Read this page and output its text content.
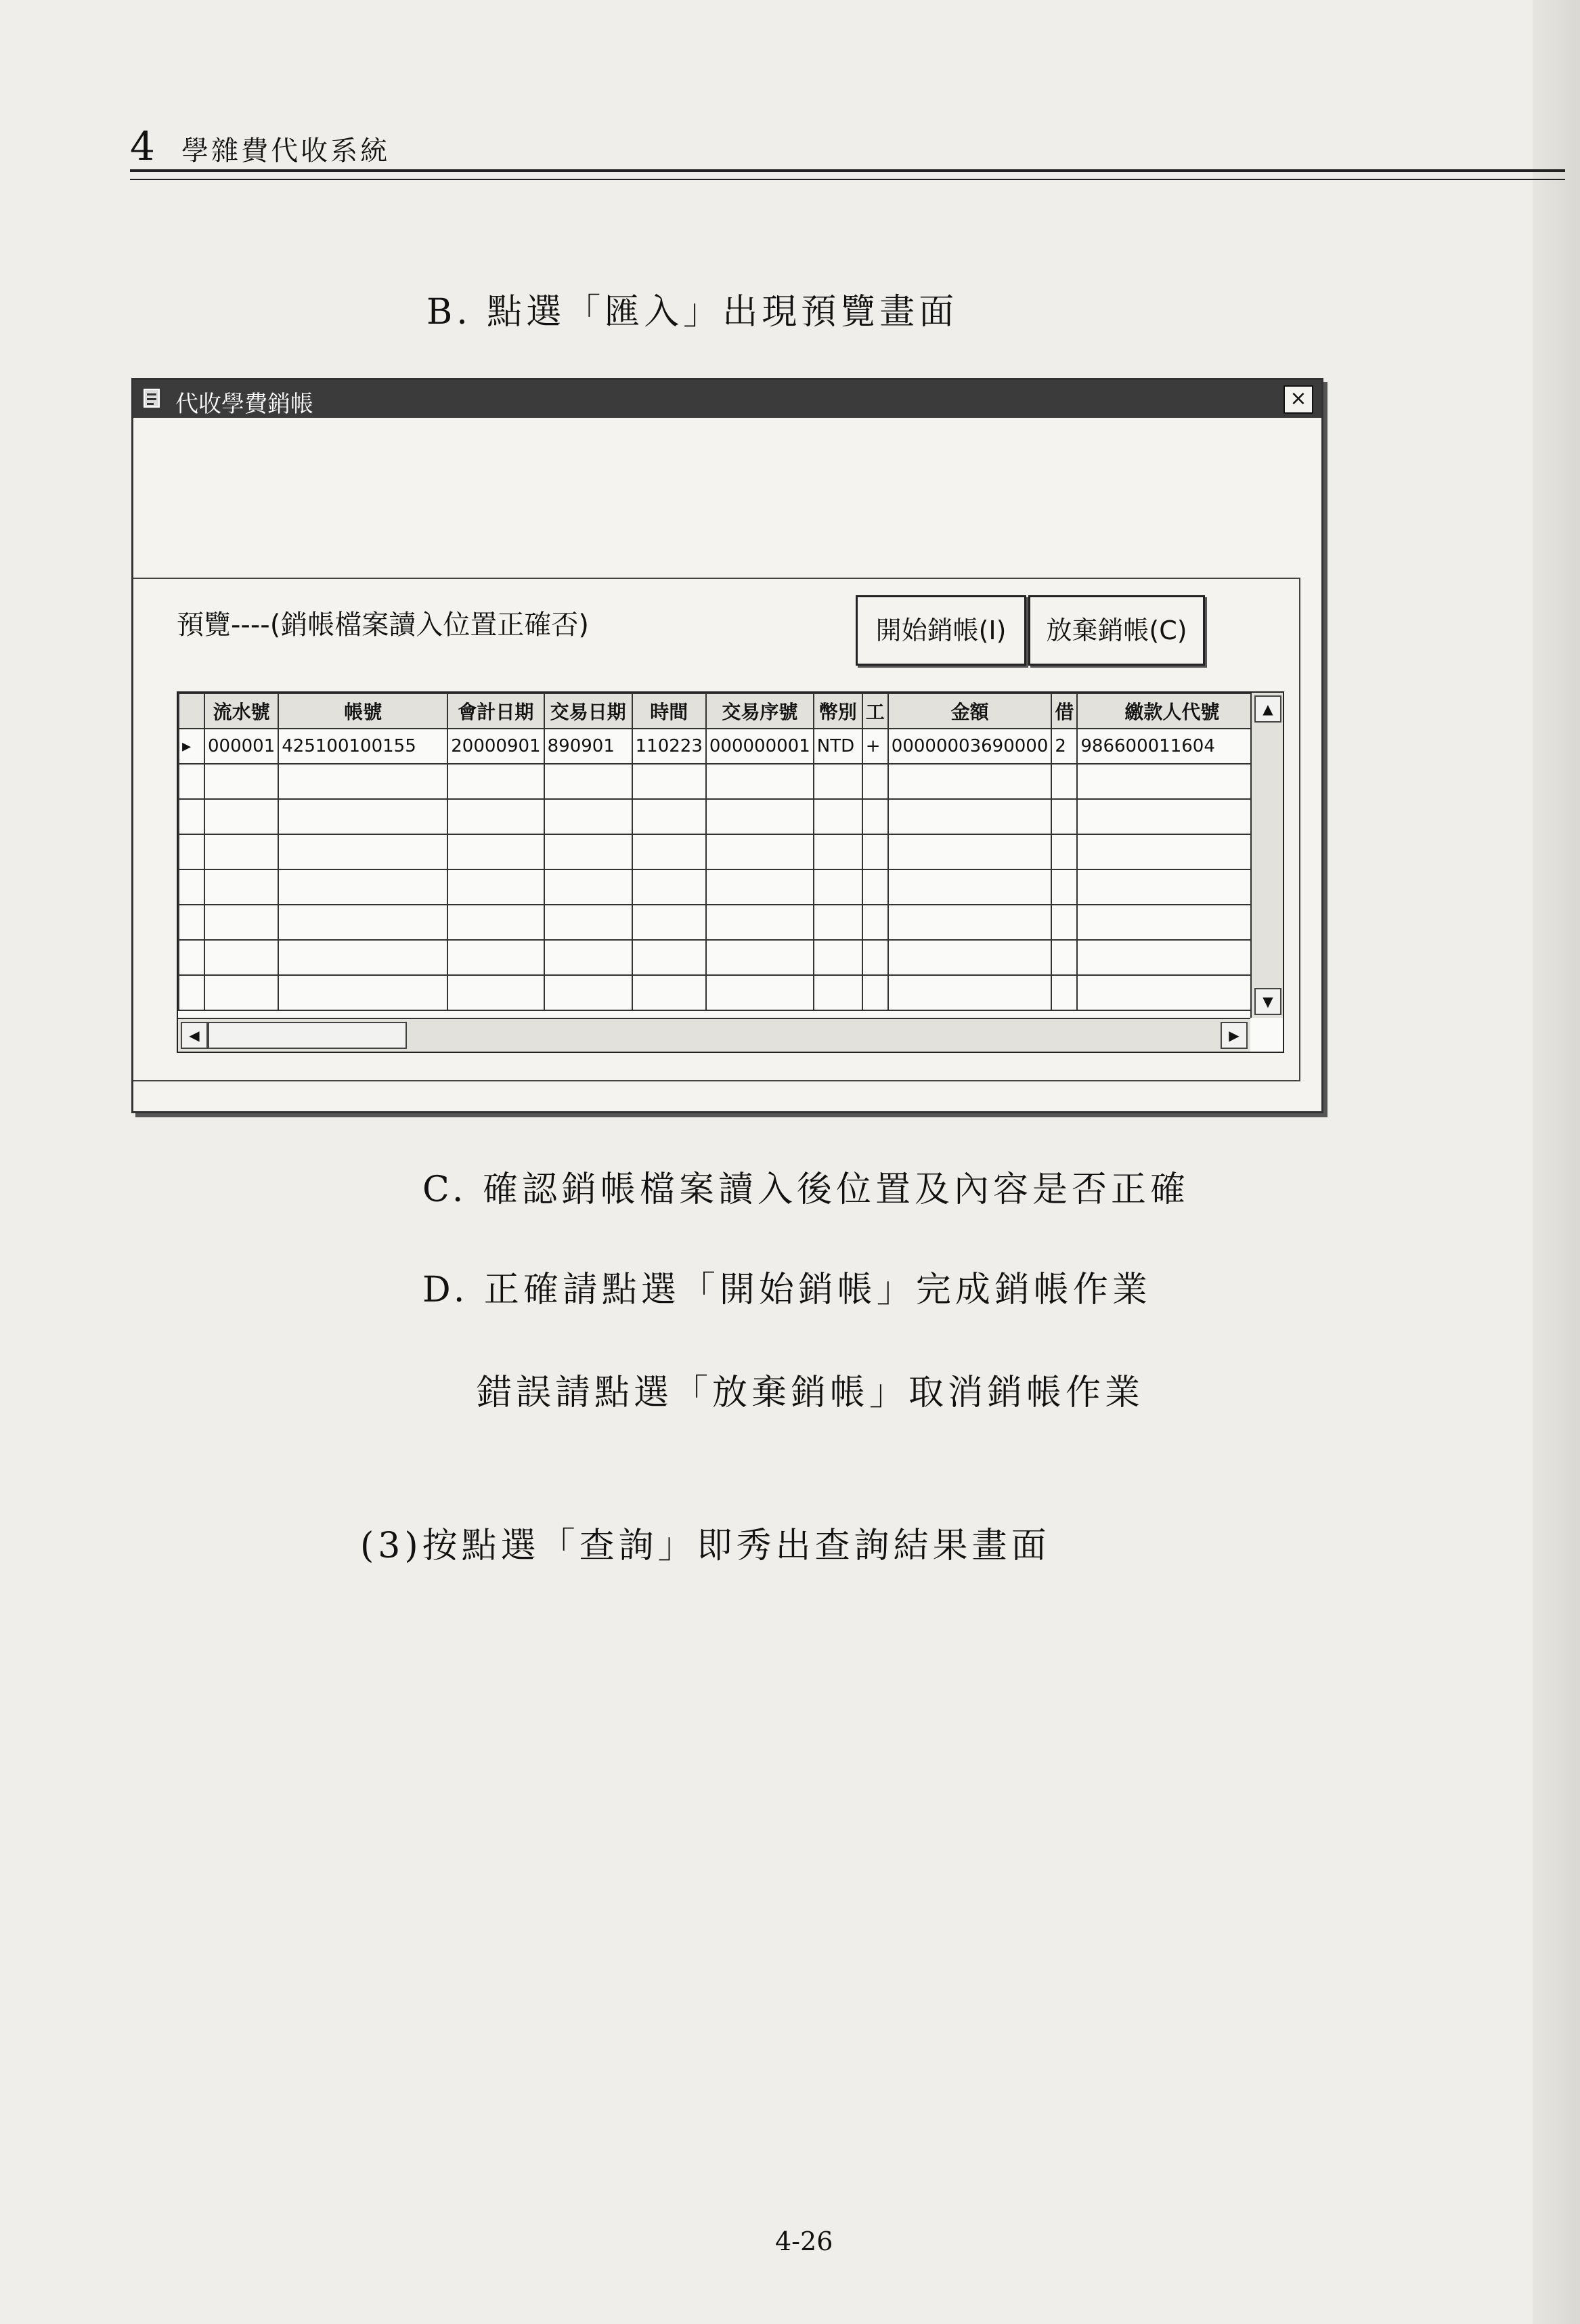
4 學雜費代收系統
B. 點選「匯入」出現預覽畫面
代收學費銷帳	×
預覽----(銷帳檔案讀入位置正確否)	開始銷帳(I)	放棄銷帳(C)
	流水號	帳號	會計日期	交易日期	時間	交易序號	幣別	工	金額	借	繳款人代號
▸	000001	425100100155	20000901	890901	110223	000000001	NTD	+	00000003690000	2	986600011604

▲
▼
◀	▶
C. 確認銷帳檔案讀入後位置及內容是否正確
D. 正確請點選「開始銷帳」完成銷帳作業
錯誤請點選「放棄銷帳」取消銷帳作業
(3)按點選「查詢」即秀出查詢結果畫面
4-26
